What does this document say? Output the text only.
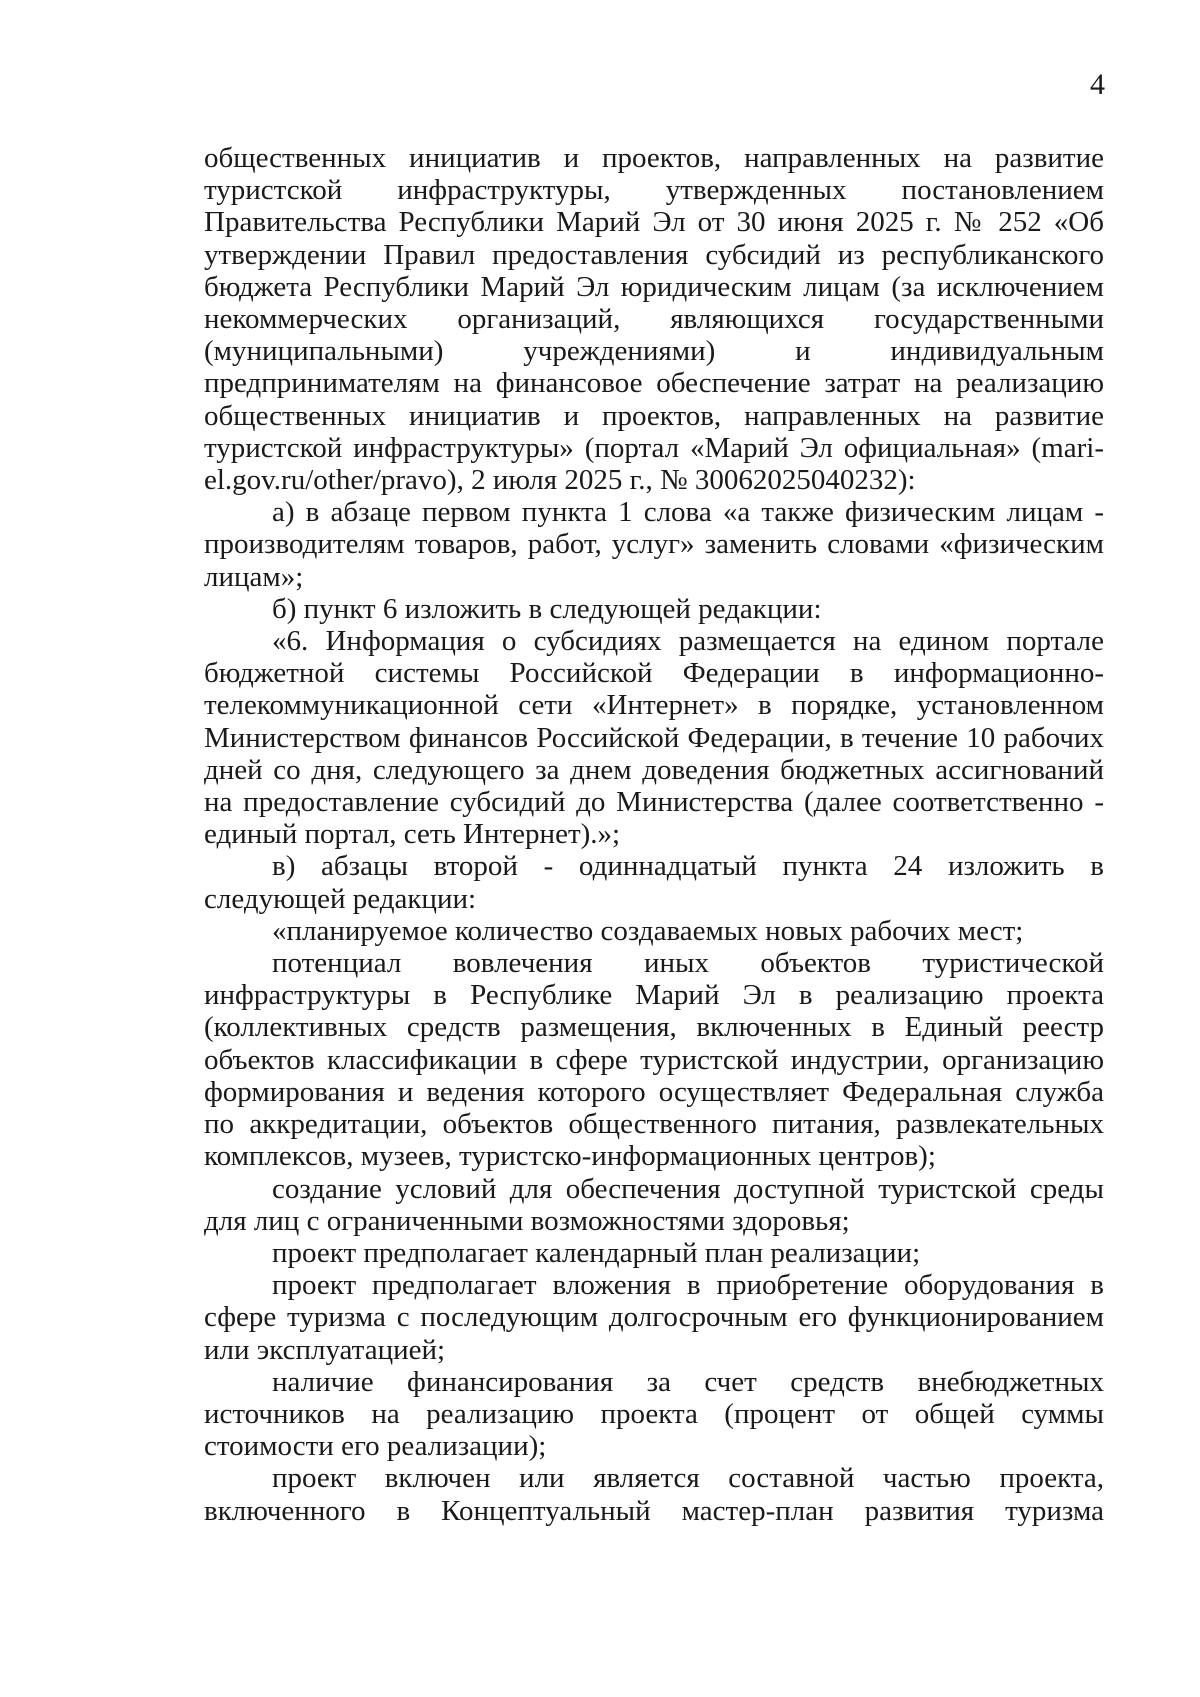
4

общественных инициатив и проектов, направленных на развитие туристской инфраструктуры, утвержденных постановлением Правительства Республики Марий Эл от 30 июня 2025 г. № 252 «Об утверждении Правил предоставления субсидий из республиканского бюджета Республики Марий Эл юридическим лицам (за исключением некоммерческих организаций, являющихся государственными (муниципальными) учреждениями) и индивидуальным предпринимателям на финансовое обеспечение затрат на реализацию общественных инициатив и проектов, направленных на развитие туристской инфраструктуры» (портал «Марий Эл официальная» (mari-el.gov.ru/other/pravo), 2 июля 2025 г., № 30062025040232):

а) в абзаце первом пункта 1 слова «а также физическим лицам - производителям товаров, работ, услуг» заменить словами «физическим лицам»;

б) пункт 6 изложить в следующей редакции:

«6. Информация о субсидиях размещается на едином портале бюджетной системы Российской Федерации в информационно-телекоммуникационной сети «Интернет» в порядке, установленном Министерством финансов Российской Федерации, в течение 10 рабочих дней со дня, следующего за днем доведения бюджетных ассигнований на предоставление субсидий до Министерства (далее соответственно - единый портал, сеть Интернет).»;

в) абзацы второй - одиннадцатый пункта 24 изложить в следующей редакции:

«планируемое количество создаваемых новых рабочих мест;

потенциал вовлечения иных объектов туристической инфраструктуры в Республике Марий Эл в реализацию проекта (коллективных средств размещения, включенных в Единый реестр объектов классификации в сфере туристской индустрии, организацию формирования и ведения которого осуществляет Федеральная служба по аккредитации, объектов общественного питания, развлекательных комплексов, музеев, туристско-информационных центров);

создание условий для обеспечения доступной туристской среды для лиц с ограниченными возможностями здоровья;

проект предполагает календарный план реализации;

проект предполагает вложения в приобретение оборудования в сфере туризма с последующим долгосрочным его функционированием или эксплуатацией;

наличие финансирования за счет средств внебюджетных источников на реализацию проекта (процент от общей суммы стоимости его реализации);

проект включен или является составной частью проекта, включенного в Концептуальный мастер-план развития туризма
